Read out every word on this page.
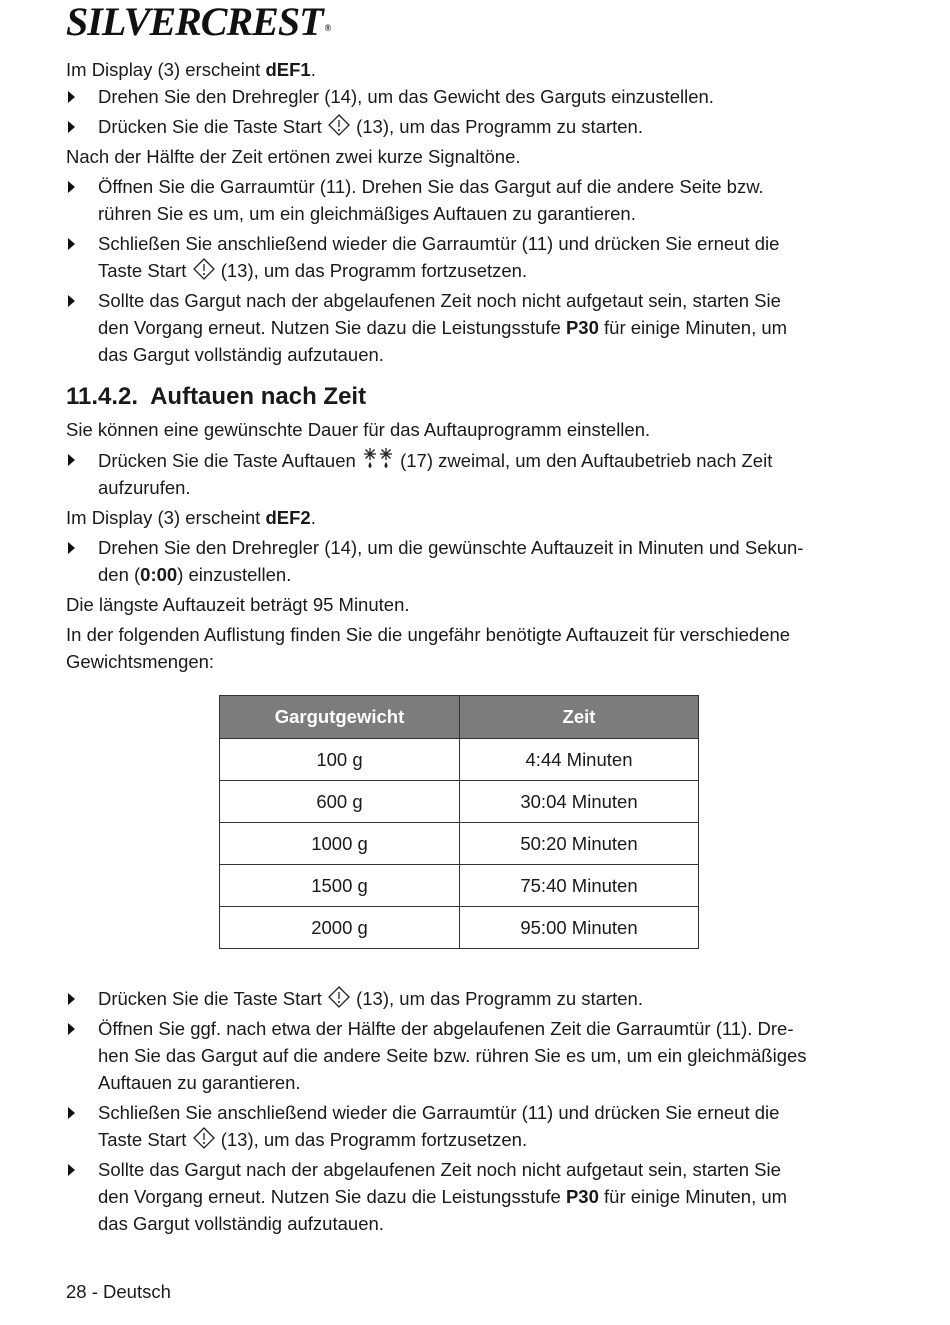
SILVERCREST ®

Im Display (3) erscheint dEF1.

Drehen Sie den Drehregler (14), um das Gewicht des Garguts einzustellen.
Drücken Sie die Taste Start  (13), um das Programm zu starten.

Nach der Hälfte der Zeit ertönen zwei kurze Signaltöne.

Öffnen Sie die Garraumtür (11). Drehen Sie das Gargut auf die andere Seite bzw.
rühren Sie es um, um ein gleichmäßiges Auftauen zu garantieren.
Schließen Sie anschließend wieder die Garraumtür (11) und drücken Sie erneut die
Taste Start  (13), um das Programm fortzusetzen.
Sollte das Gargut nach der abgelaufenen Zeit noch nicht aufgetaut sein, starten Sie
den Vorgang erneut. Nutzen Sie dazu die Leistungsstufe P30 für einige Minuten, um
das Gargut vollständig aufzutauen.
11.4.2. Auftauen nach Zeit

Sie können eine gewünschte Dauer für das Auftauprogramm einstellen.

Drücken Sie die Taste Auftauen  (17) zweimal, um den Auftaubetrieb nach Zeit
aufzurufen.

Im Display (3) erscheint dEF2.

Drehen Sie den Drehregler (14), um die gewünschte Auftauzeit in Minuten und Sekun-
den (0:00) einzustellen.

Die längste Auftauzeit beträgt 95 Minuten.

In der folgenden Auflistung finden Sie die ungefähr benötigte Auftauzeit für verschiedene
Gewichtsmengen:

Gargutgewicht	Zeit
100 g	4:44 Minuten
600 g	30:04 Minuten
1000 g	50:20 Minuten
1500 g	75:40 Minuten
2000 g	95:00 Minuten
Drücken Sie die Taste Start  (13), um das Programm zu starten.
Öffnen Sie ggf. nach etwa der Hälfte der abgelaufenen Zeit die Garraumtür (11). Dre-
hen Sie das Gargut auf die andere Seite bzw. rühren Sie es um, um ein gleichmäßiges
Auftauen zu garantieren.
Schließen Sie anschließend wieder die Garraumtür (11) und drücken Sie erneut die
Taste Start  (13), um das Programm fortzusetzen.
Sollte das Gargut nach der abgelaufenen Zeit noch nicht aufgetaut sein, starten Sie
den Vorgang erneut. Nutzen Sie dazu die Leistungsstufe P30 für einige Minuten, um
das Gargut vollständig aufzutauen.

28 - Deutsch
